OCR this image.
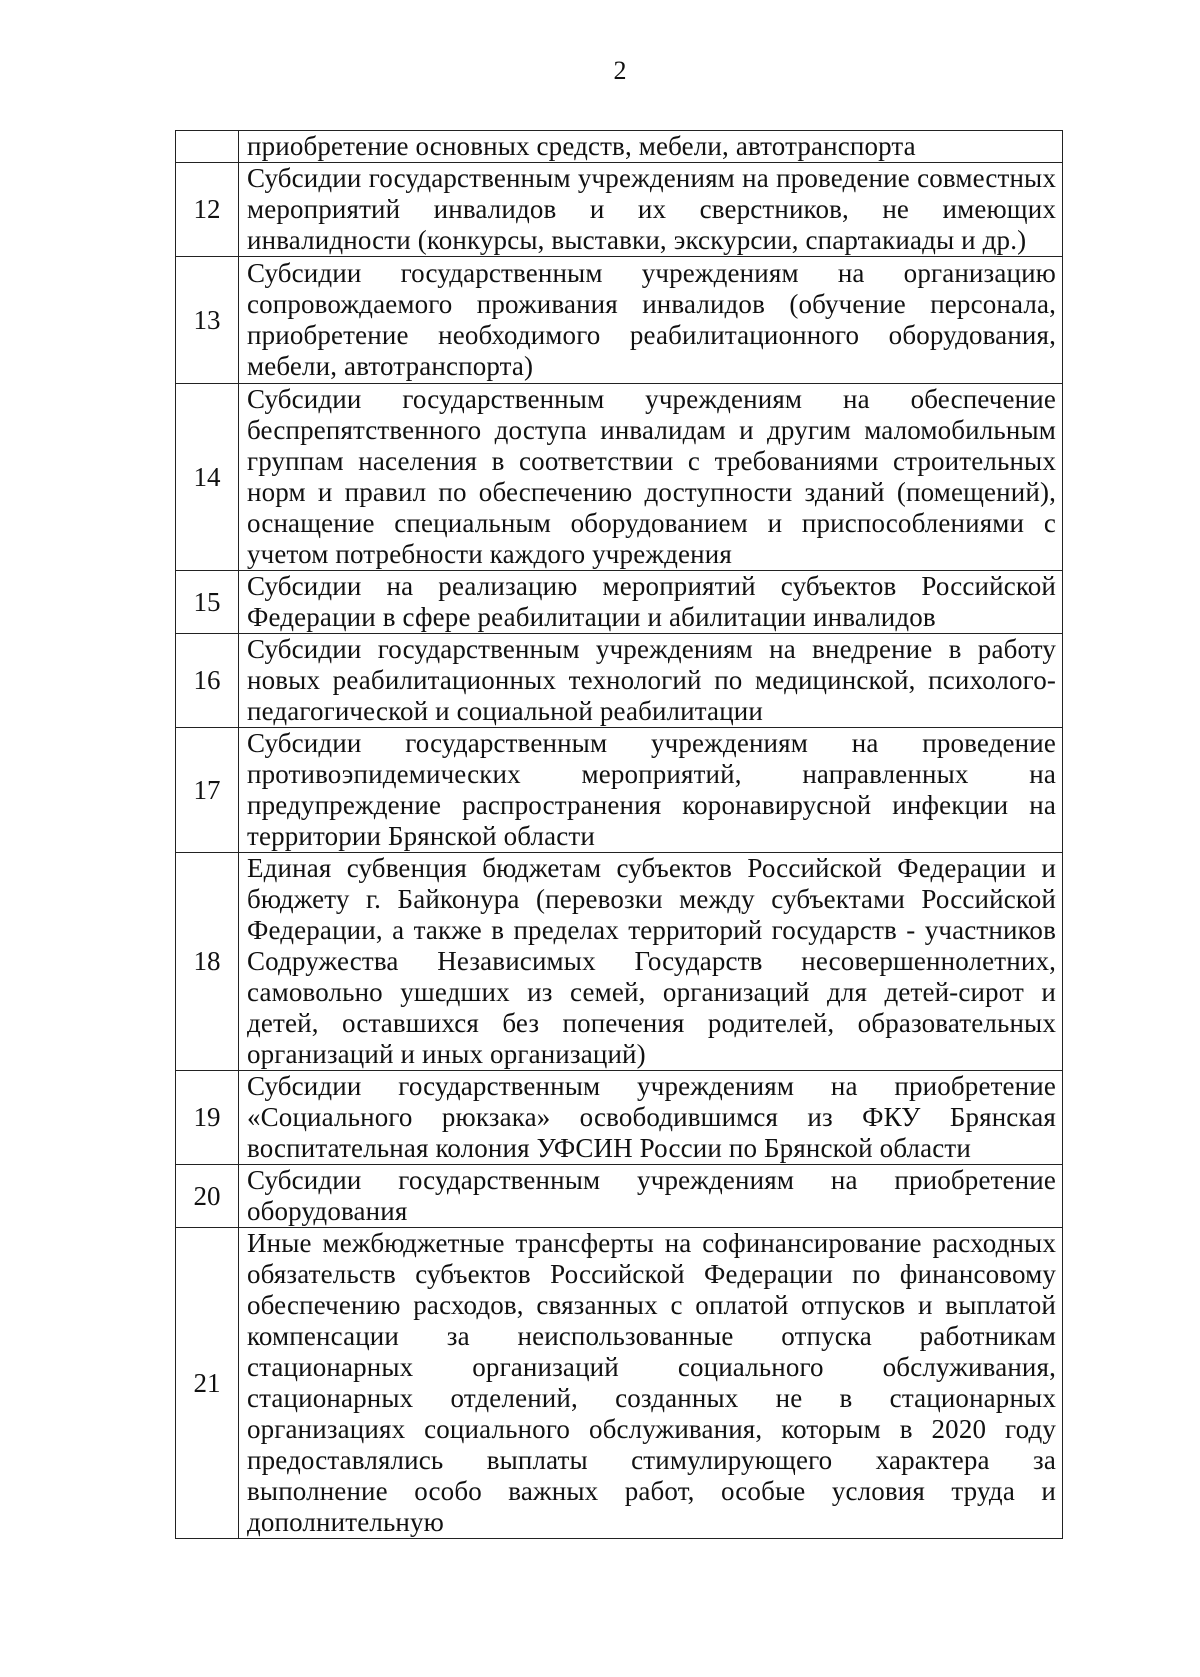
2
	приобретение основных средств, мебели, автотранспорта
12	Субсидии государственным учреждениям на проведение совместных мероприятий инвалидов и их сверстников, не имеющих инвалидности (конкурсы, выставки, экскурсии, спартакиады и др.)
13	Субсидии государственным учреждениям на организацию сопровождаемого проживания инвалидов (обучение персонала, приобретение необходимого реабилитационного оборудования, мебели, автотранспорта)
14	Субсидии государственным учреждениям на обеспечение беспрепятственного доступа инвалидам и другим маломобильным группам населения в соответствии с требованиями строительных норм и правил по обеспечению доступности зданий (помещений), оснащение специальным оборудованием и приспособлениями с учетом потребности каждого учреждения
15	Субсидии на реализацию мероприятий субъектов Российской Федерации в сфере реабилитации и абилитации инвалидов
16	Субсидии государственным учреждениям на внедрение в работу новых реабилитационных технологий по медицинской, психолого-педагогической и социальной реабилитации
17	Субсидии государственным учреждениям на проведение противоэпидемических мероприятий, направленных на предупреждение распространения коронавирусной инфекции на территории Брянской области
18	Единая субвенция бюджетам субъектов Российской Федерации и бюджету г. Байконура (перевозки между субъектами Российской Федерации, а также в пределах территорий государств - участников Содружества Независимых Государств несовершеннолетних, самовольно ушедших из семей, организаций для детей-сирот и детей, оставшихся без попечения родителей, образовательных организаций и иных организаций)
19	Субсидии государственным учреждениям на приобретение «Социального рюкзака» освободившимся из ФКУ Брянская воспитательная колония УФСИН России по Брянской области
20	Субсидии государственным учреждениям на приобретение оборудования
21	Иные межбюджетные трансферты на софинансирование расходных обязательств субъектов Российской Федерации по финансовому обеспечению расходов, связанных с оплатой отпусков и выплатой компенсации за неиспользованные отпуска работникам стационарных организаций социального обслуживания, стационарных отделений, созданных не в стационарных организациях социального обслуживания, которым в 2020 году предоставлялись выплаты стимулирующего характера за выполнение особо важных работ, особые условия труда и дополнительную
